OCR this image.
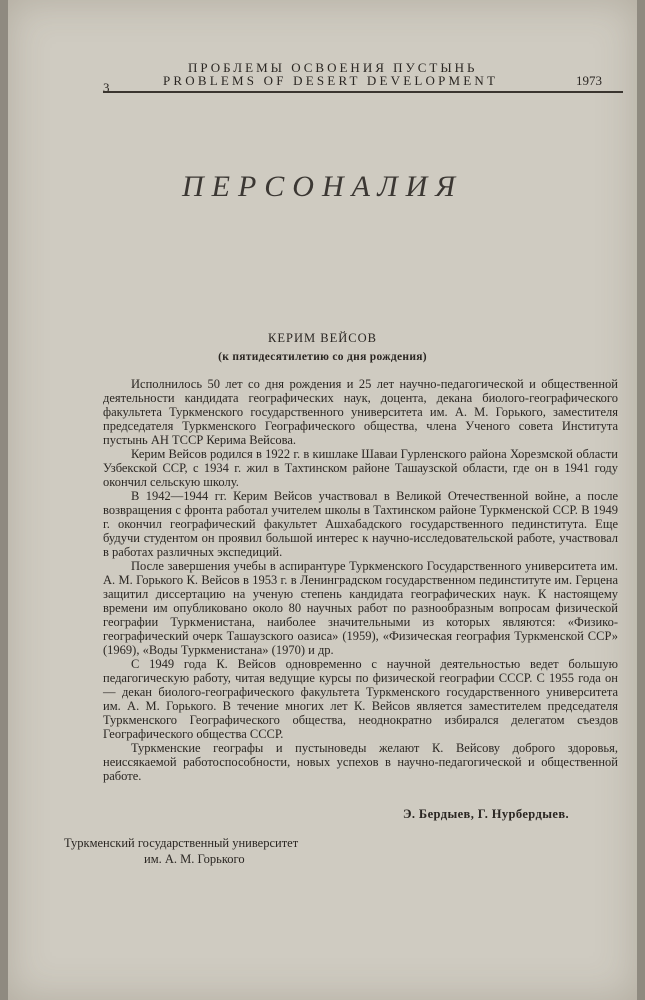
ПРОБЛЕМЫ ОСВОЕНИЯ ПУСТЫНЬ
3	PROBLEMS OF DESERT DEVELOPMENT	1973
ПЕРСОНАЛИЯ
КЕРИМ ВЕЙСОВ
(к пятидесятилетию со дня рождения)

Исполнилось 50 лет со дня рождения и 25 лет научно-педагогической и общественной деятельности кандидата географических наук, доцента, декана биолого-географического факультета Туркменского государственного университета им. А. М. Горького, заместителя председателя Туркменского Географического общества, члена Ученого совета Института пустынь АН ТССР Керима Вейсова.

Керим Вейсов родился в 1922 г. в кишлаке Шаваи Гурленского района Хорезмской области Узбекской ССР, с 1934 г. жил в Тахтинском районе Ташаузской области, где он в 1941 году окончил сельскую школу.

В 1942—1944 гг. Керим Вейсов участвовал в Великой Отечественной войне, а после возвращения с фронта работал учителем школы в Тахтинском районе Туркменской ССР. В 1949 г. окончил географический факультет Ашхабадского государственного пединститута. Еще будучи студентом он проявил большой интерес к научно-исследовательской работе, участвовал в работах различных экспедиций.

После завершения учебы в аспирантуре Туркменского Государственного университета им. А. М. Горького К. Вейсов в 1953 г. в Ленинградском государственном пединституте им. Герцена защитил диссертацию на ученую степень кандидата географических наук. К настоящему времени им опубликовано около 80 научных работ по разнообразным вопросам физической географии Туркменистана, наиболее значительными из которых являются: «Физико-географический очерк Ташаузского оазиса» (1959), «Физическая география Туркменской ССР» (1969), «Воды Туркменистана» (1970) и др.

С 1949 года К. Вейсов одновременно с научной деятельностью ведет большую педагогическую работу, читая ведущие курсы по физической географии СССР. С 1955 года он — декан биолого-географического факультета Туркменского государственного университета им. А. М. Горького. В течение многих лет К. Вейсов является заместителем председателя Туркменского Географического общества, неоднократно избирался делегатом съездов Географического общества СССР.

Туркменские географы и пустыноведы желают К. Вейсову доброго здоровья, неиссякаемой работоспособности, новых успехов в научно-педагогической и общественной работе.

Э. Бердыев, Г. Нурбердыев.
Туркменский государственный университет
им. А. М. Горького
